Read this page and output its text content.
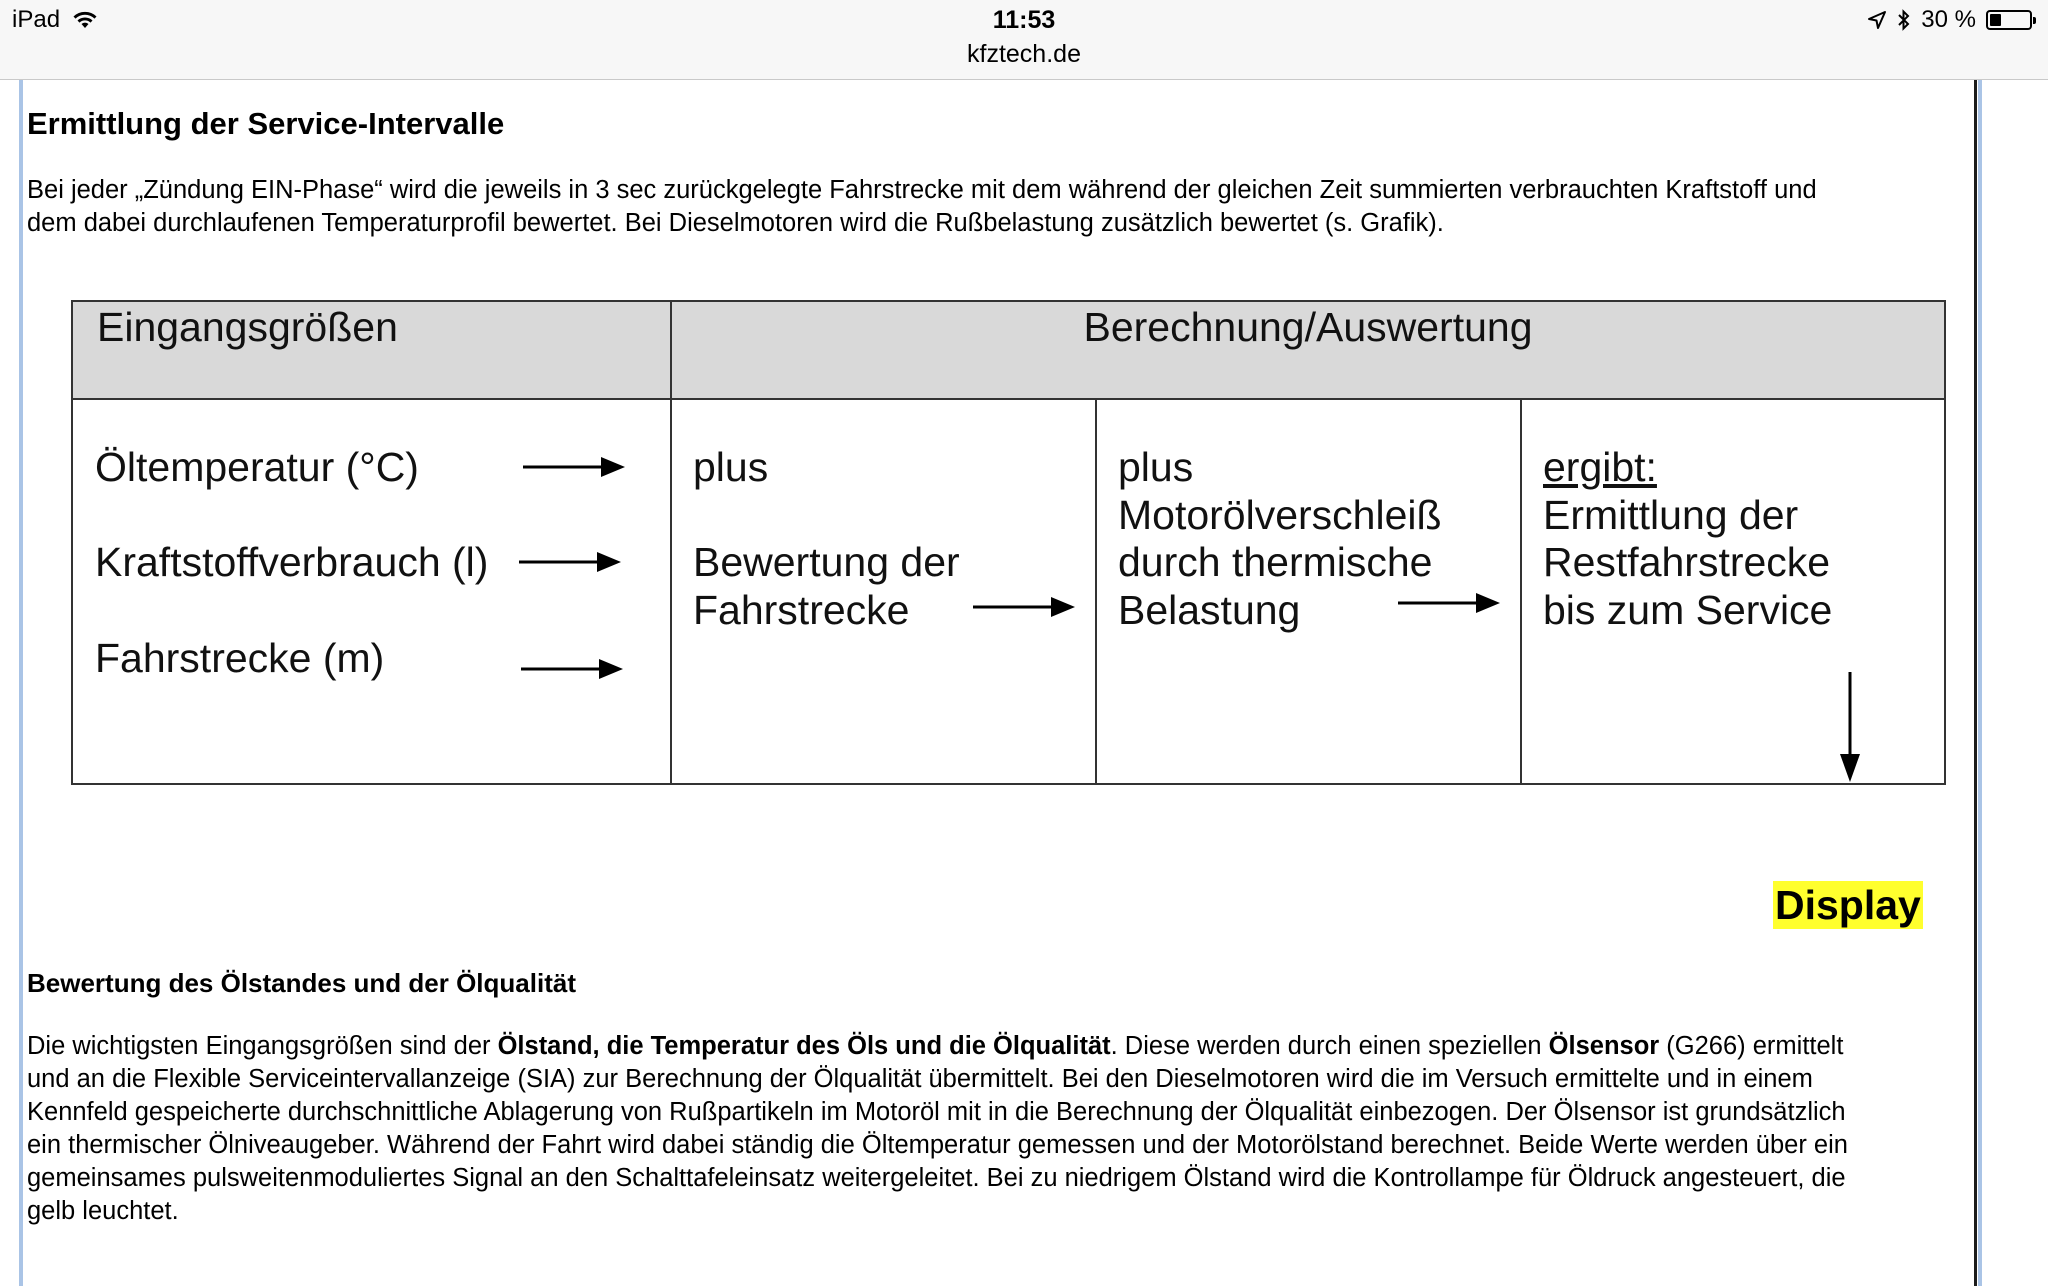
iPad	11:53
kfztech.de
30 %
Ermittlung der Service-Intervalle

Bei jeder „Zündung EIN-Phase“ wird die jeweils in 3 sec zurückgelegte Fahrstrecke mit dem während der gleichen Zeit summierten verbrauchten Kraftstoff und
dem dabei durchlaufenen Temperaturprofil bewertet. Bei Dieselmotoren wird die Rußbelastung zusätzlich bewertet (s. Grafik).

Bewertung des Ölstandes und der Ölqualität

Die wichtigsten Eingangsgrößen sind der Ölstand, die Temperatur des Öls und die Ölqualität. Diese werden durch einen speziellen Ölsensor (G266) ermittelt
und an die Flexible Serviceintervallanzeige (SIA) zur Berechnung der Ölqualität übermittelt. Bei den Dieselmotoren wird die im Versuch ermittelte und in einem
Kennfeld gespeicherte durchschnittliche Ablagerung von Rußpartikeln im Motoröl mit in die Berechnung der Ölqualität einbezogen. Der Ölsensor ist grundsätzlich
ein thermischer Ölniveaugeber. Während der Fahrt wird dabei ständig die Öltemperatur gemessen und der Motorölstand berechnet. Beide Werte werden über ein
gemeinsames pulsweitenmoduliertes Signal an den Schalttafeleinsatz weitergeleitet. Bei zu niedrigem Ölstand wird die Kontrollampe für Öldruck angesteuert, die
gelb leuchtet.

Eingangsgrößen	Berechnung/Auswertung
Öltemperatur (°C)
Kraftstoffverbrauch (l)
Fahrstrecke (m)
plus
Bewertung der
Fahrstrecke
plus
Motorölverschleiß
durch thermische
Belastung
ergibt:
Ermittlung der
Restfahrstrecke
bis zum Service
Display
